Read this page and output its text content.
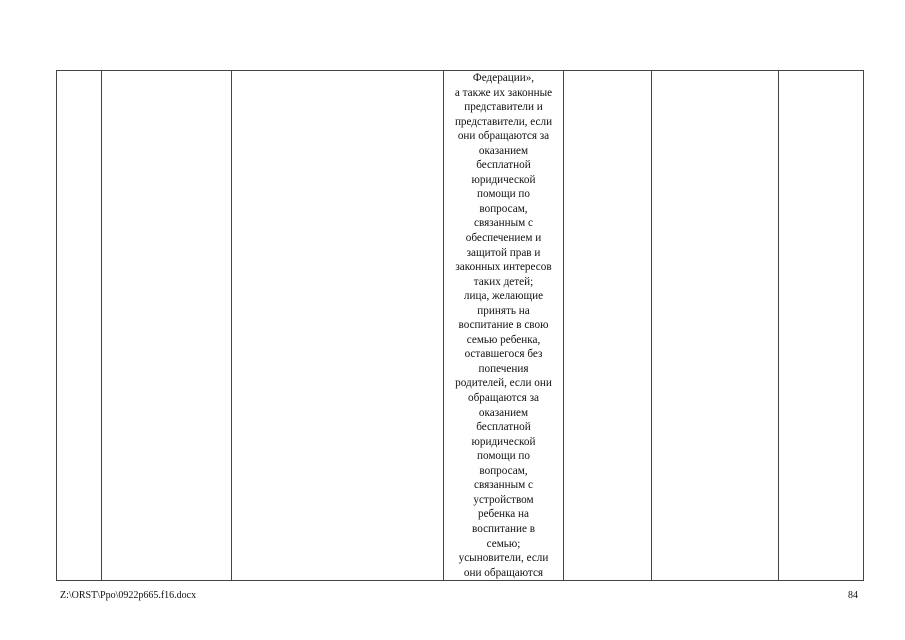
Федерации»,
а также их законные
представители и
представители, если
они обращаются за
оказанием
бесплатной
юридической
помощи по
вопросам,
связанным с
обеспечением и
защитой прав и
законных интересов
таких детей;
лица, желающие
принять на
воспитание в свою
семью ребенка,
оставшегося без
попечения
родителей, если они
обращаются за
оказанием
бесплатной
юридической
помощи по
вопросам,
связанным с
устройством
ребенка на
воспитание в
семью;
усыновители, если
они обращаются

Z:\ORST\Ppo\0922p665.f16.docx	84
